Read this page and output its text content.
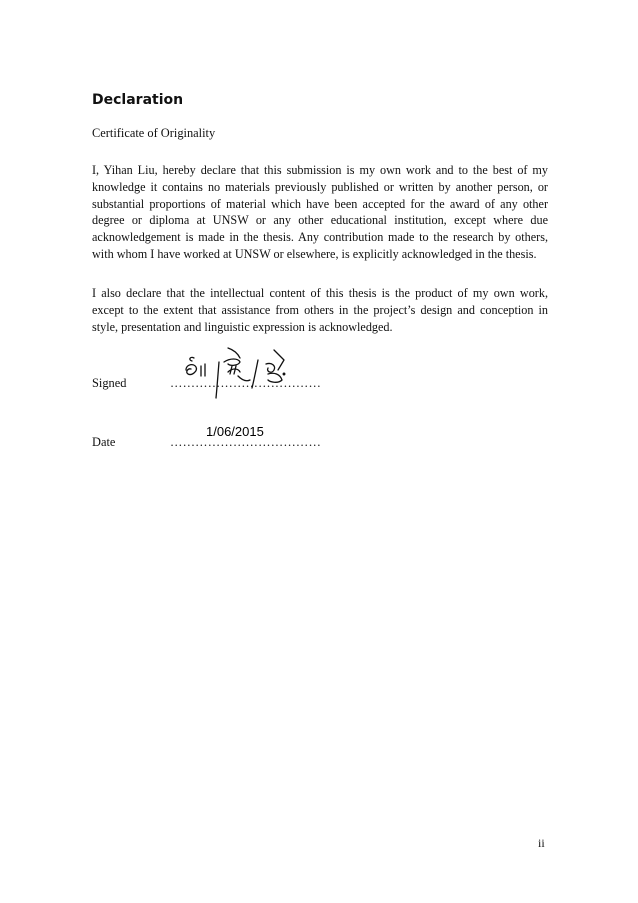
Declaration

Certificate of Originality

I, Yihan Liu, hereby declare that this submission is my own work and to the best of my knowledge it contains no materials previously published or written by another person, or substantial proportions of material which have been accepted for the award of any other degree or diploma at UNSW or any other educational institution, except where due acknowledgement is made in the thesis. Any contribution made to the research by others, with whom I have worked at UNSW or elsewhere, is explicitly acknowledged in the thesis.

I also declare that the intellectual content of this thesis is the product of my own work, except to the extent that assistance from others in the project’s design and conception in style, presentation and linguistic expression is acknowledged.

Signed	………………………………
Date	………………………………
1/06/2015
ii
